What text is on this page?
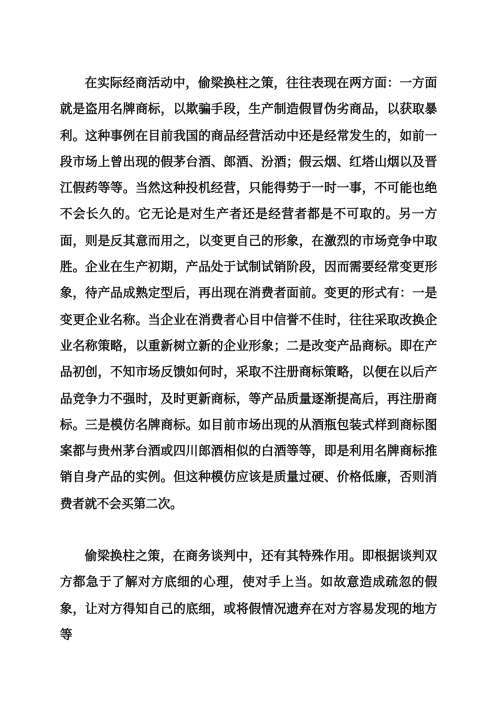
在实际经商活动中，偷梁换柱之策，往往表现在两方面：一方面就是盗用名牌商标，以欺骗手段，生产制造假冒伪劣商品，以获取暴利。这种事例在目前我国的商品经营活动中还是经常发生的，如前一段市场上曾出现的假茅台酒、郎酒、汾酒；假云烟、红塔山烟以及晋江假药等等。当然这种投机经营，只能得势于一时一事，不可能也绝不会长久的。它无论是对生产者还是经营者都是不可取的。另一方面，则是反其意而用之，以变更自己的形象，在激烈的市场竞争中取胜。企业在生产初期，产品处于试制试销阶段，因而需要经常变更形象，待产品成熟定型后，再出现在消费者面前。变更的形式有：一是变更企业名称。当企业在消费者心目中信誉不佳时，往往采取改换企业名称策略，以重新树立新的企业形象；二是改变产品商标。即在产品初创，不知市场反馈如何时，采取不注册商标策略，以便在以后产品竞争力不强时，及时更新商标，等产品质量逐渐提高后，再注册商标。三是模仿名牌商标。如目前市场出现的从酒瓶包装式样到商标图案都与贵州茅台酒或四川郎酒相似的白酒等等，即是利用名牌商标推销自身产品的实例。但这种模仿应该是质量过硬、价格低廉，否则消费者就不会买第二次。

偷梁换柱之策，在商务谈判中，还有其特殊作用。即根据谈判双方都急于了解对方底细的心理，使对手上当。如故意造成疏忽的假象，让对方得知自己的底细，或将假情况遗弃在对方容易发现的地方等
